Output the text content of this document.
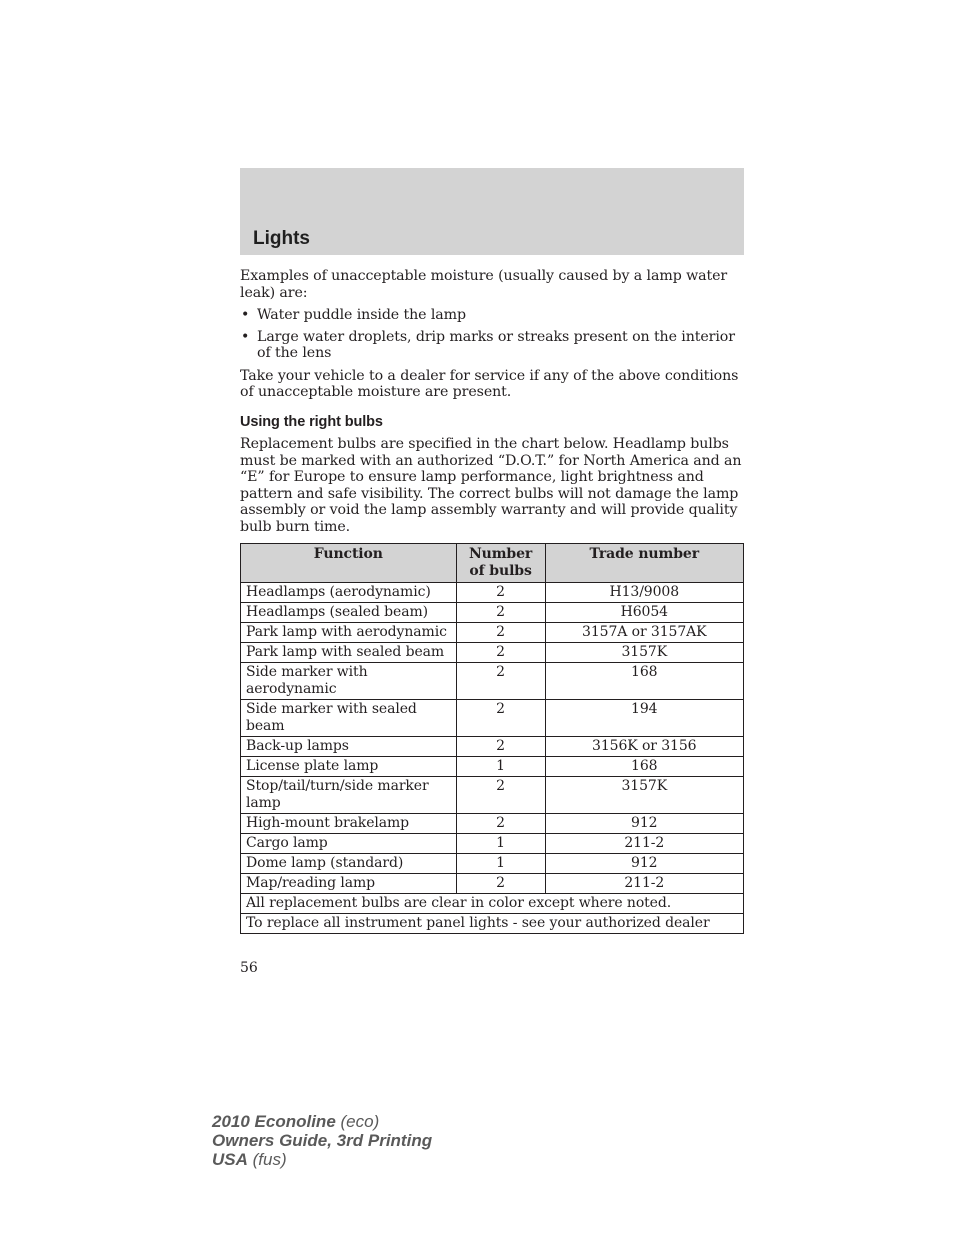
Lights

Examples of unacceptable moisture (usually caused by a lamp water leak) are:

• Water puddle inside the lamp
• Large water droplets, drip marks or streaks present on the interior of the lens

Take your vehicle to a dealer for service if any of the above conditions of unacceptable moisture are present.

Using the right bulbs

Replacement bulbs are specified in the chart below. Headlamp bulbs must be marked with an authorized “D.O.T.” for North America and an “E” for Europe to ensure lamp performance, light brightness and pattern and safe visibility. The correct bulbs will not damage the lamp assembly or void the lamp assembly warranty and will provide quality bulb burn time.

Function	Number of bulbs	Trade number
Headlamps (aerodynamic)	2	H13/9008
Headlamps (sealed beam)	2	H6054
Park lamp with aerodynamic	2	3157A or 3157AK
Park lamp with sealed beam	2	3157K
Side marker with aerodynamic	2	168
Side marker with sealed beam	2	194
Back-up lamps	2	3156K or 3156
License plate lamp	1	168
Stop/tail/turn/side marker lamp	2	3157K
High-mount brakelamp	2	912
Cargo lamp	1	211-2
Dome lamp (standard)	1	912
Map/reading lamp	2	211-2
All replacement bulbs are clear in color except where noted.		
To replace all instrument panel lights - see your authorized dealer		
56
2010 Econoline (eco)
Owners Guide, 3rd Printing
USA (fus)
